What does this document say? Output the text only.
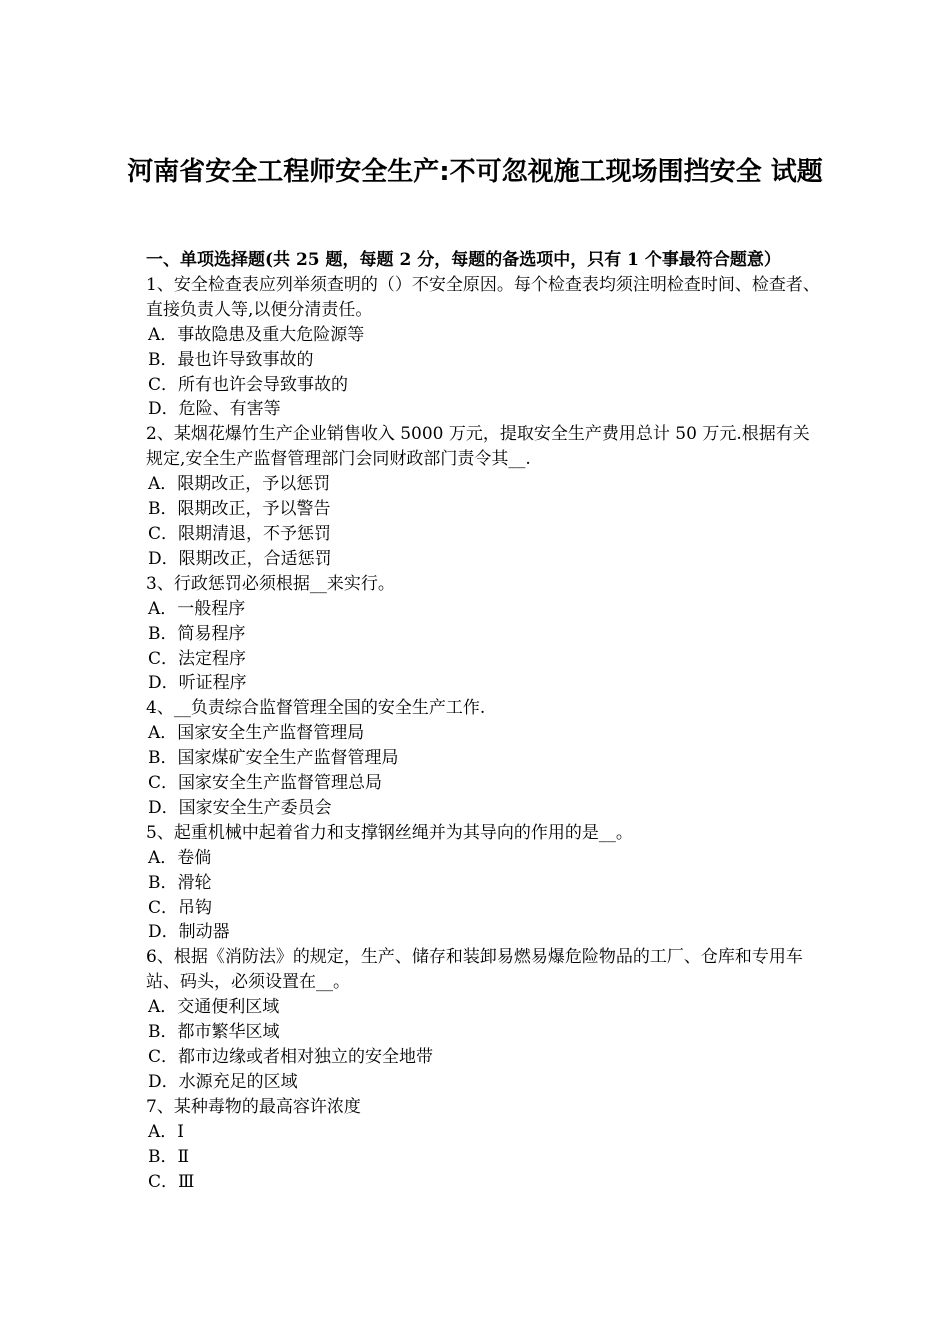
河南省安全工程师安全生产:不可忽视施工现场围挡安全 试题
一、单项选择题(共 25 题，每题 2 分，每题的备选项中，只有 1 个事最符合题意）
1、安全检查表应列举须查明的（）不安全原因。每个检查表均须注明检查时间、检查者、直接负责人等,以便分清责任。
A．事故隐患及重大危险源等
B．最也许导致事故的
C．所有也许会导致事故的
D．危险、有害等
2、某烟花爆竹生产企业销售收入 5000 万元，提取安全生产费用总计 50 万元.根据有关规定,安全生产监督管理部门会同财政部门责令其__.
A．限期改正，予以惩罚
B．限期改正，予以警告
C．限期清退，不予惩罚
D．限期改正，合适惩罚
3、行政惩罚必须根据__来实行。
A．一般程序
B．简易程序
C．法定程序
D．听证程序
4、__负责综合监督管理全国的安全生产工作.
A．国家安全生产监督管理局
B．国家煤矿安全生产监督管理局
C．国家安全生产监督管理总局
D．国家安全生产委员会
5、起重机械中起着省力和支撑钢丝绳并为其导向的作用的是__。
A．卷倘
B．滑轮
C．吊钩
D．制动器
6、根据《消防法》的规定，生产、储存和装卸易燃易爆危险物品的工厂、仓库和专用车站、码头，必须设置在__。
A．交通便利区域
B．都市繁华区域
C．都市边缘或者相对独立的安全地带
D．水源充足的区域
7、某种毒物的最高容许浓度
A．Ⅰ
B．Ⅱ
C．Ⅲ
